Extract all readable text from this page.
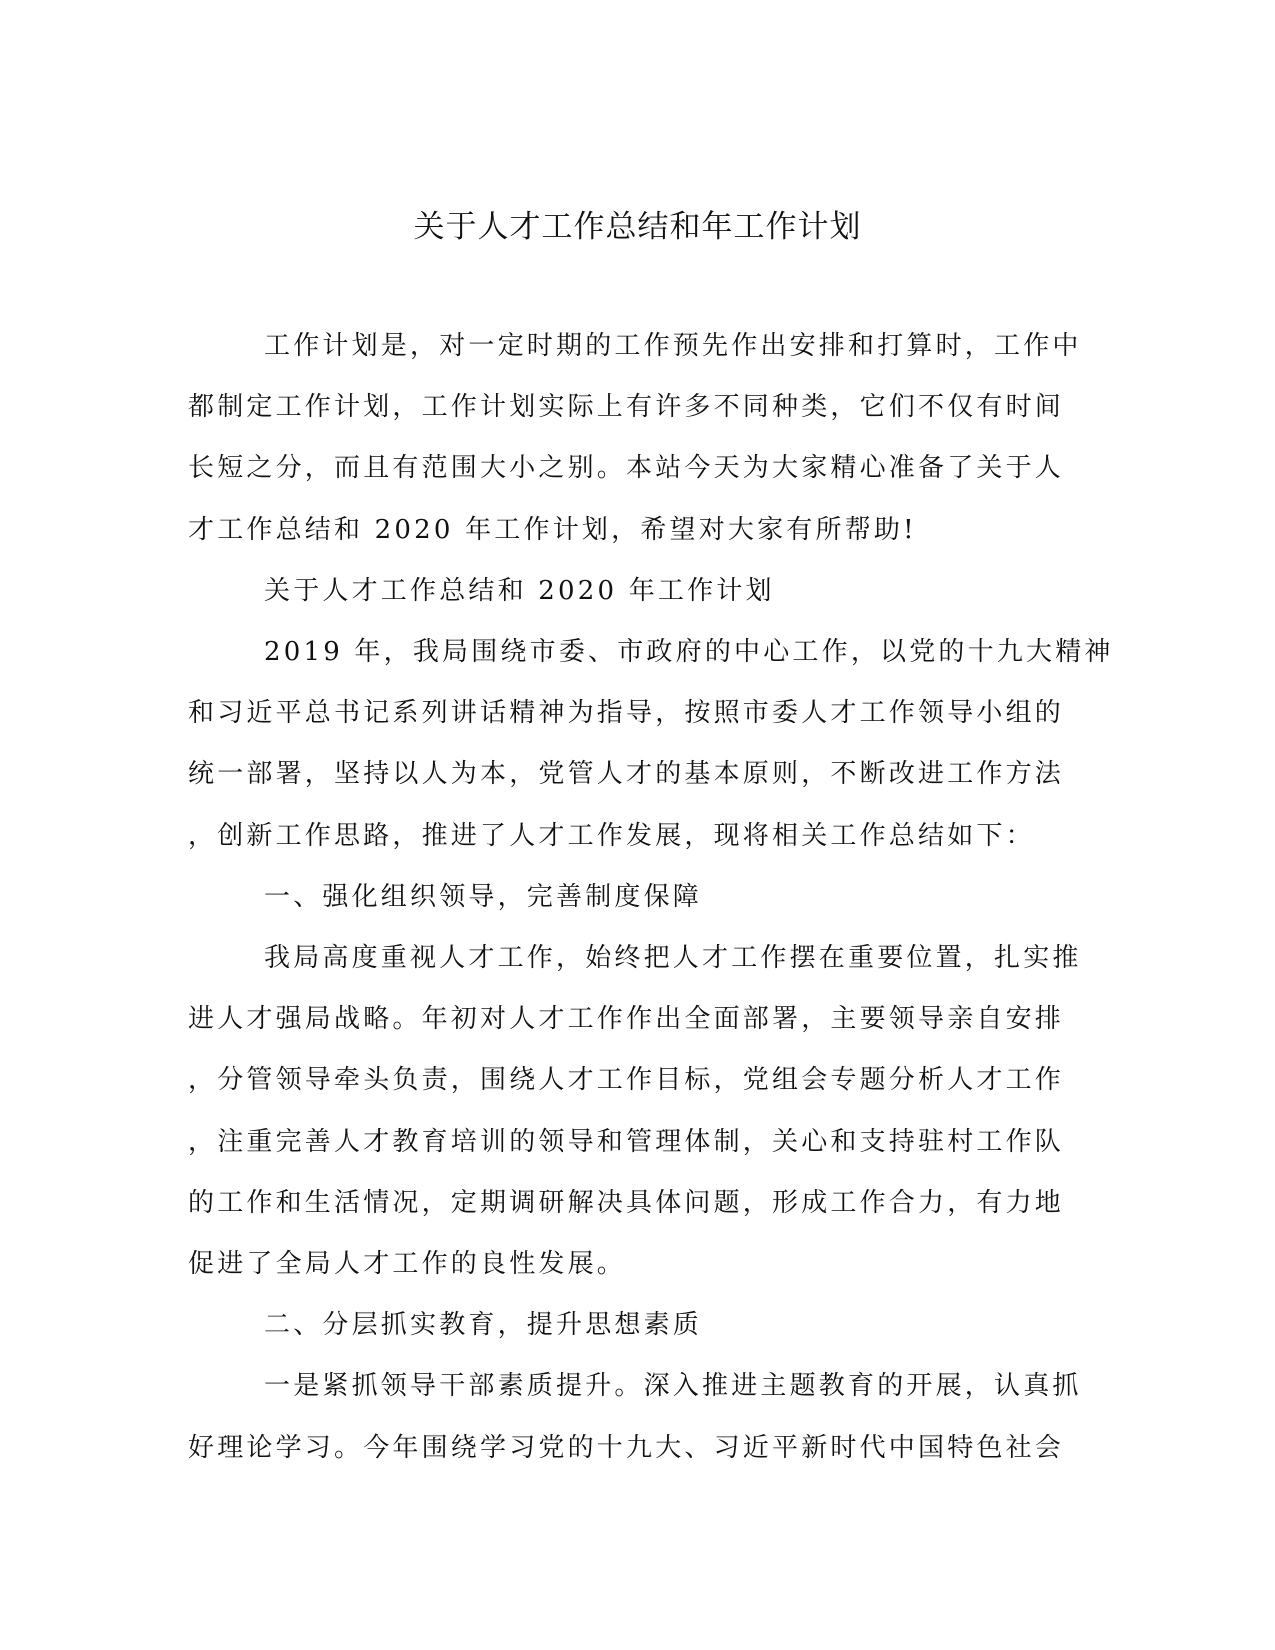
关于人才工作总结和年工作计划

工作计划是，对一定时期的工作预先作出安排和打算时，工作中
都制定工作计划，工作计划实际上有许多不同种类，它们不仅有时间
长短之分，而且有范围大小之别。本站今天为大家精心准备了关于人
才工作总结和 2020 年工作计划，希望对大家有所帮助!

关于人才工作总结和 2020 年工作计划

2019 年，我局围绕市委、市政府的中心工作，以党的十九大精神
和习近平总书记系列讲话精神为指导，按照市委人才工作领导小组的
统一部署，坚持以人为本，党管人才的基本原则，不断改进工作方法
，创新工作思路，推进了人才工作发展，现将相关工作总结如下：

一、强化组织领导，完善制度保障

我局高度重视人才工作，始终把人才工作摆在重要位置，扎实推
进人才强局战略。年初对人才工作作出全面部署，主要领导亲自安排
，分管领导牵头负责，围绕人才工作目标，党组会专题分析人才工作
，注重完善人才教育培训的领导和管理体制，关心和支持驻村工作队
的工作和生活情况，定期调研解决具体问题，形成工作合力，有力地
促进了全局人才工作的良性发展。

二、分层抓实教育，提升思想素质

一是紧抓领导干部素质提升。深入推进主题教育的开展，认真抓
好理论学习。今年围绕学习党的十九大、习近平新时代中国特色社会
